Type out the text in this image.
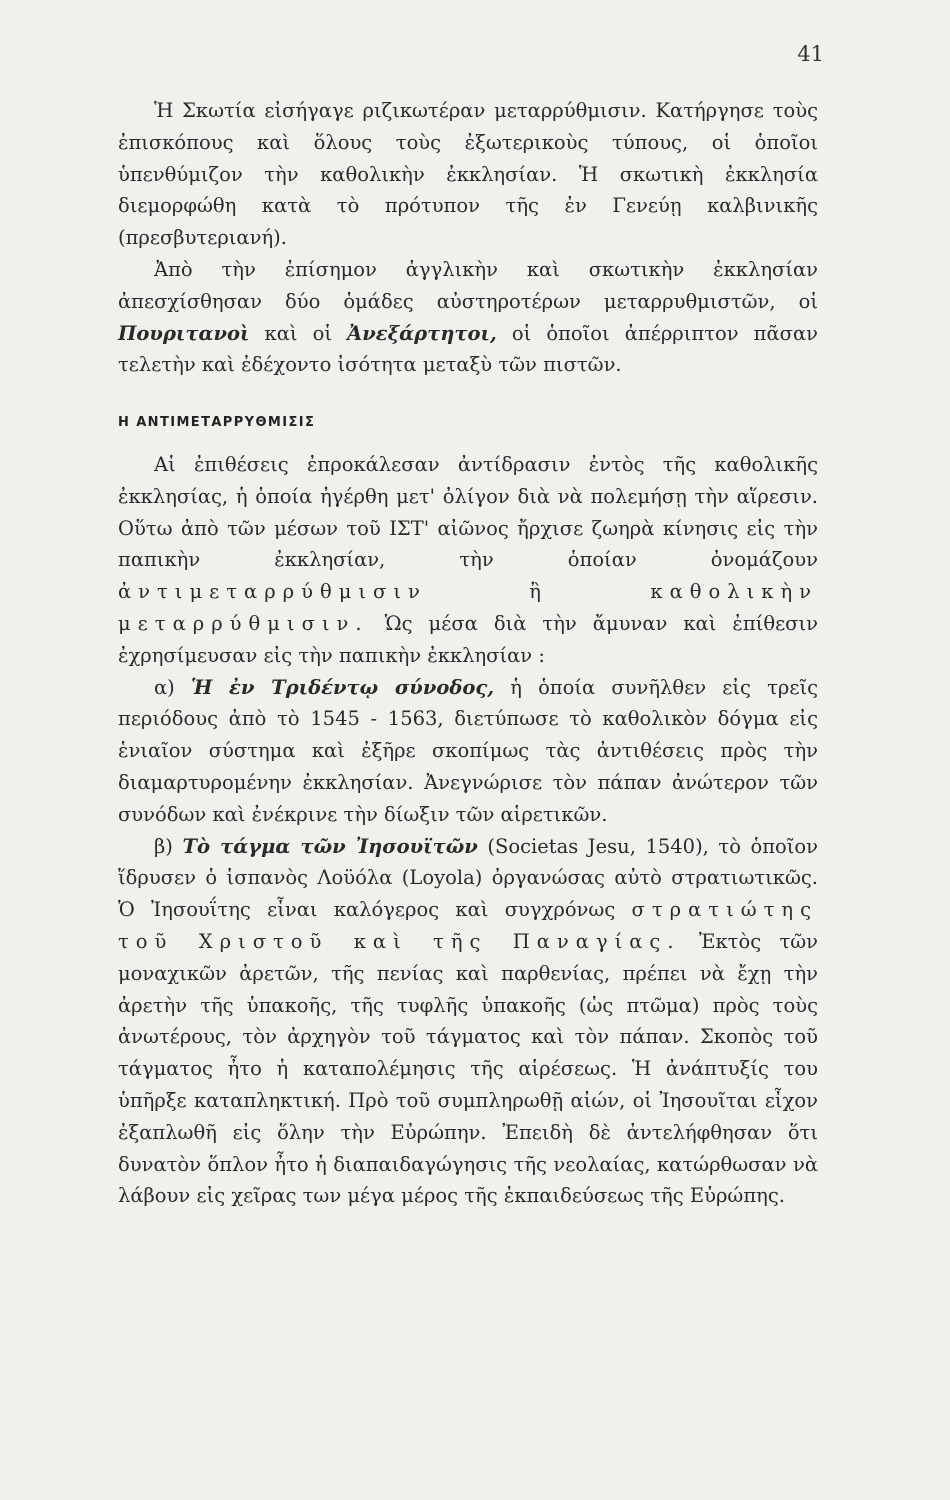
41

Ἡ Σκωτία εἰσήγαγε ριζικωτέραν μεταρρύθμισιν. Κατήργησε τοὺς ἐπισκόπους καὶ ὅλους τοὺς ἐξωτερικοὺς τύπους, οἱ ὁποῖοι ὑπενθύμιζον τὴν καθολικὴν ἐκκλησίαν. Ἡ σκωτικὴ ἐκκλησία διεμορφώθη κατὰ τὸ πρότυπον τῆς ἐν Γενεύῃ καλβινικῆς (πρεσβυτεριανή).

Ἀπὸ τὴν ἐπίσημον ἀγγλικὴν καὶ σκωτικὴν ἐκκλησίαν ἀπεσχίσθησαν δύο ὁμάδες αὐστηροτέρων μεταρρυθμιστῶν, οἱ Πουριτανοὶ καὶ οἱ Ἀνεξάρτητοι, οἱ ὁποῖοι ἀπέρριπτον πᾶσαν τελετὴν καὶ ἐδέχοντο ἰσότητα μεταξὺ τῶν πιστῶν.

Η ΑΝΤΙΜΕΤΑΡΡΥΘΜΙΣΙΣ

Αἱ ἐπιθέσεις ἐπροκάλεσαν ἀντίδρασιν ἐντὸς τῆς καθολικῆς ἐκκλησίας, ἡ ὁποία ἠγέρθη μετ' ὀλίγον διὰ νὰ πολεμήσῃ τὴν αἵρεσιν. Οὕτω ἀπὸ τῶν μέσων τοῦ ΙΣΤ' αἰῶνος ἤρχισε ζωηρὰ κίνησις εἰς τὴν παπικὴν ἐκκλησίαν, τὴν ὁποίαν ὀνομάζουν ἀντιμεταρρύθμισιν ἢ καθολικὴν μεταρρύθμισιν. Ὡς μέσα διὰ τὴν ἄμυναν καὶ ἐπίθεσιν ἐχρησίμευσαν εἰς τὴν παπικὴν ἐκκλησίαν :

α) Ἡ ἐν Τριδέντῳ σύνοδος, ἡ ὁποία συνῆλθεν εἰς τρεῖς περιόδους ἀπὸ τὸ 1545 - 1563, διετύπωσε τὸ καθολικὸν δόγμα εἰς ἑνιαῖον σύστημα καὶ ἐξῆρε σκοπίμως τὰς ἀντιθέσεις πρὸς τὴν διαμαρτυρομένην ἐκκλησίαν. Ἀνεγνώρισε τὸν πάπαν ἀνώτερον τῶν συνόδων καὶ ἐνέκρινε τὴν δίωξιν τῶν αἱρετικῶν.

β) Τὸ τάγμα τῶν Ἰησουϊτῶν (Societas Jesu, 1540), τὸ ὁποῖον ἵδρυσεν ὁ ἱσπανὸς Λοϋόλα (Loyola) ὀργανώσας αὐτὸ στρατιωτικῶς. Ὁ Ἰησουΐτης εἶναι καλόγερος καὶ συγχρόνως στρατιώτης τοῦ Χριστοῦ καὶ τῆς Παναγίας. Ἐκτὸς τῶν μοναχικῶν ἀρετῶν, τῆς πενίας καὶ παρθενίας, πρέπει νὰ ἔχῃ τὴν ἀρετὴν τῆς ὑπακοῆς, τῆς τυφλῆς ὑπακοῆς (ὡς πτῶμα) πρὸς τοὺς ἀνωτέρους, τὸν ἀρχηγὸν τοῦ τάγματος καὶ τὸν πάπαν. Σκοπὸς τοῦ τάγματος ἦτο ἡ καταπολέμησις τῆς αἱρέσεως. Ἡ ἀνάπτυξίς του ὑπῆρξε καταπληκτική. Πρὸ τοῦ συμπληρωθῇ αἰών, οἱ Ἰησουῖται εἶχον ἐξαπλωθῆ εἰς ὅλην τὴν Εὐρώπην. Ἐπειδὴ δὲ ἀντελήφθησαν ὅτι δυνατὸν ὅπλον ἦτο ἡ διαπαιδαγώγησις τῆς νεολαίας, κατώρθωσαν νὰ λάβουν εἰς χεῖρας των μέγα μέρος τῆς ἐκπαιδεύσεως τῆς Εὐρώπης.
